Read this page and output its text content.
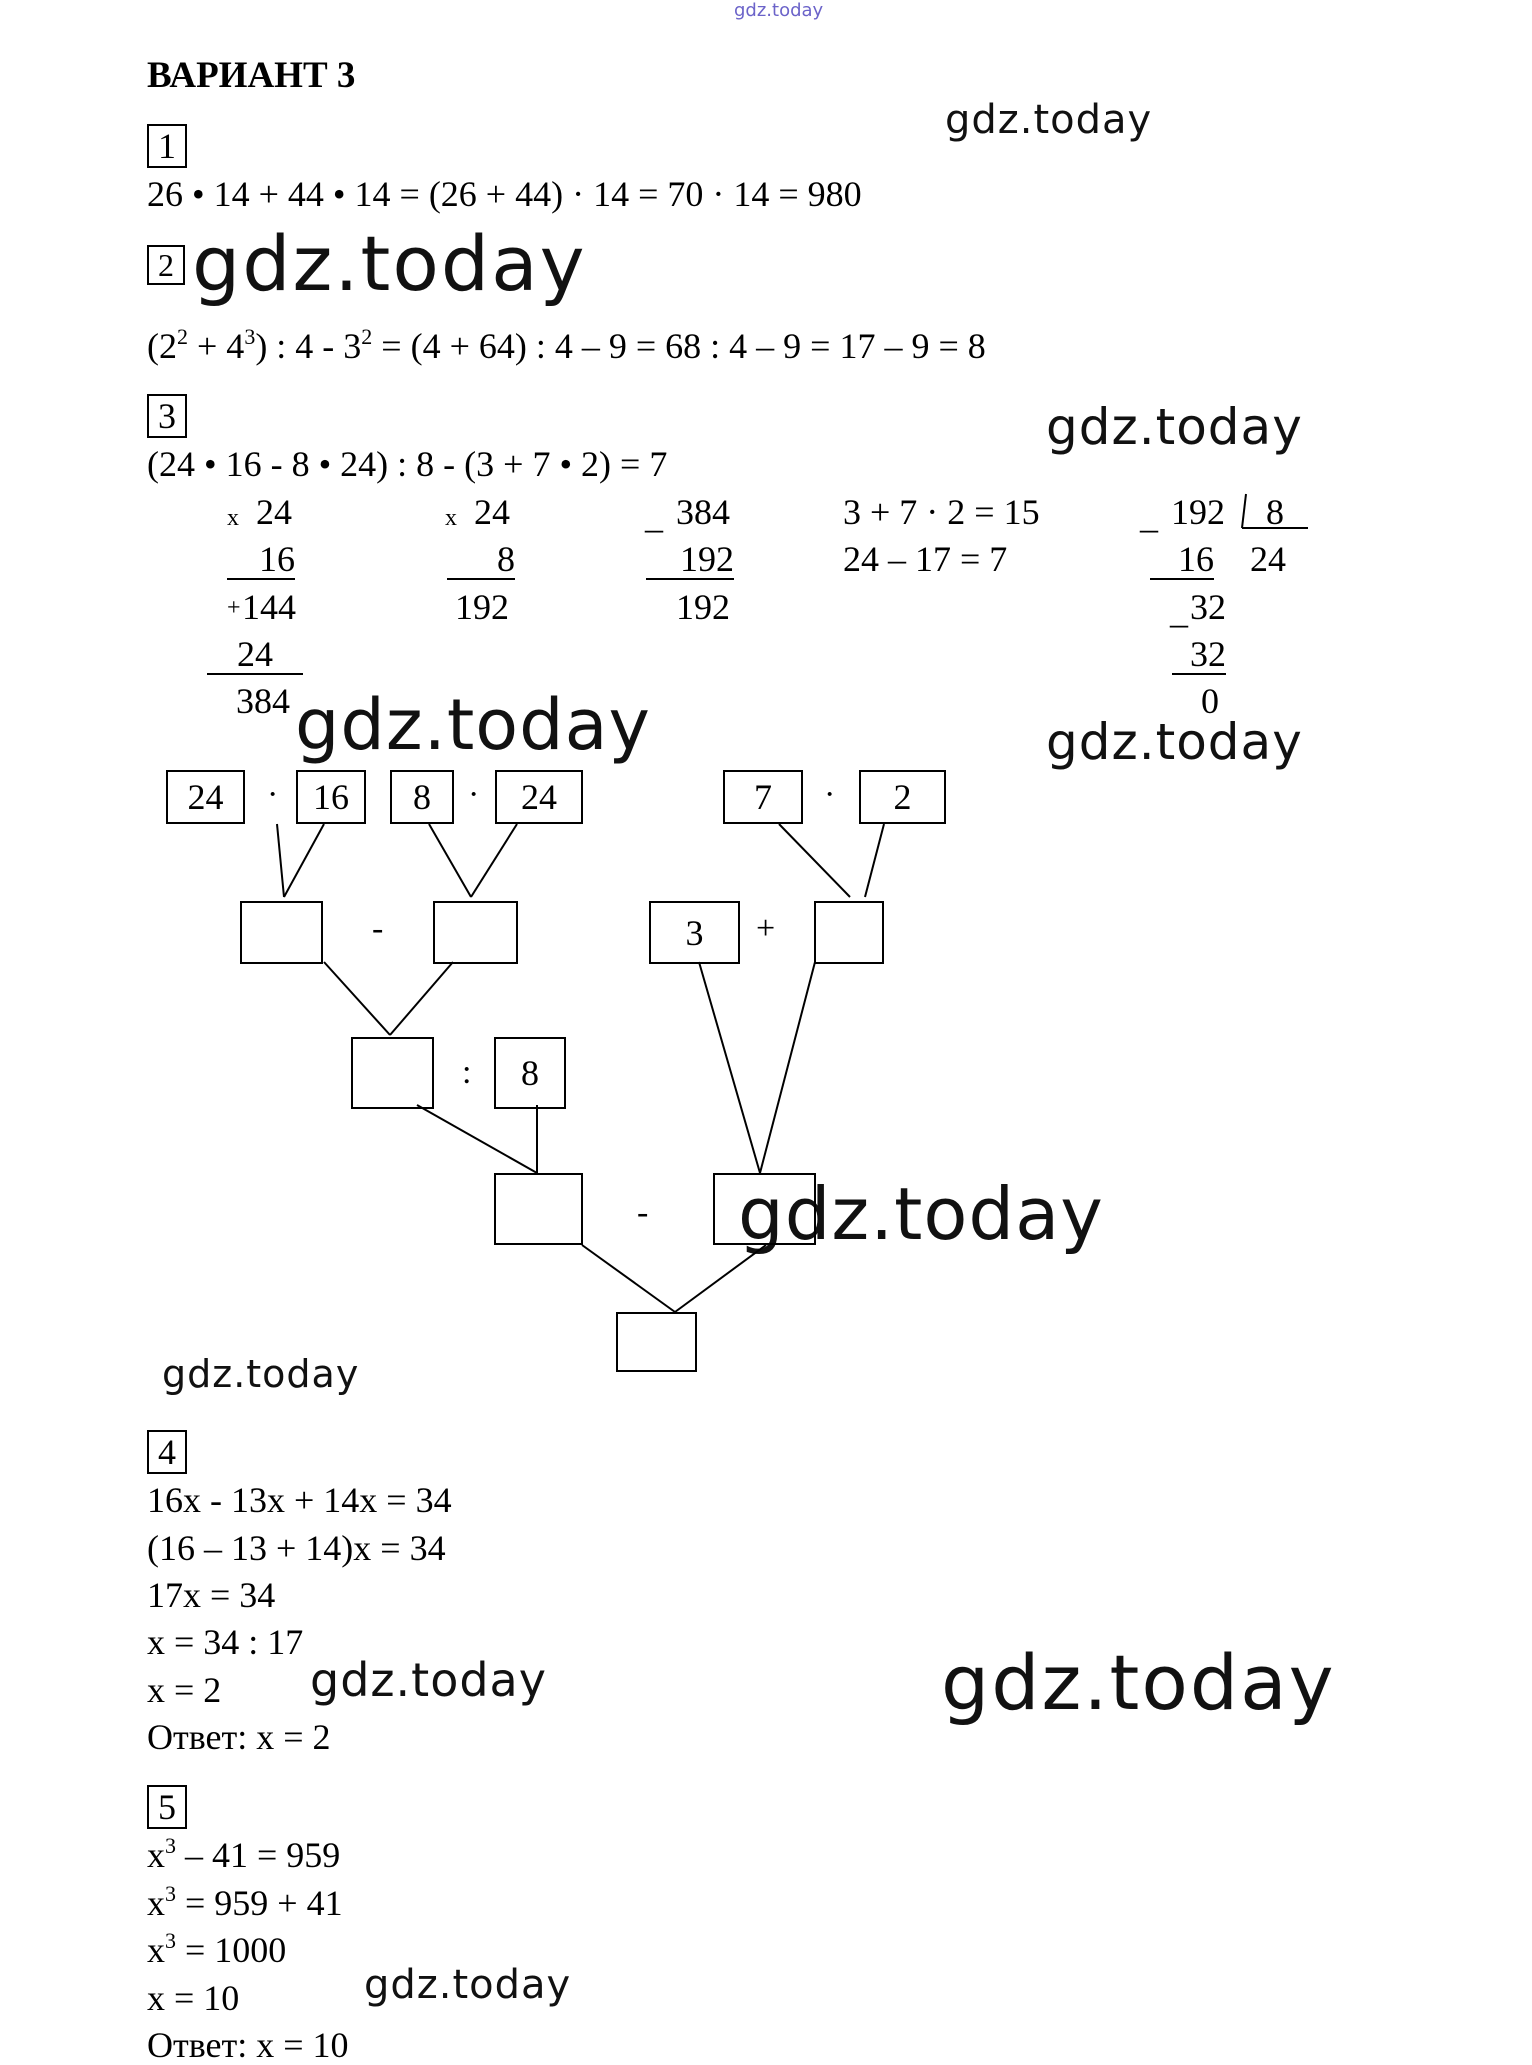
gdz.today
ВАРИАНТ 3
gdz.today
gdz.today
gdz.today
gdz.today	gdz.today
gdz.today
gdz.today
gdz.today	gdz.today
gdz.today
1
26 • 14 + 44 • 14 = (26 + 44) · 14 = 70 · 14 = 980
2
$(2^2 + 4^3)$ : $4 - 3^2 = (4 + 64)$ : 4 – 9 = 68 : 4 – 9 = 17 – 9 = 8
3
(24 • 16 - 8 • 24) : 8 - (3 + 7 • 2) = 7
x 24
16
+ 144
24
384
x 24
8
192
_ 384
192
192
3 + 7 · 2 = 15
24 – 17 = 7
_ 192 8
16 24
_ 32
32
0
24	· 16	8	·	24	7	·	2
-	3	+
:	8
-
4
16x - 13x + 14x = 34
(16 – 13 + 14)x = 34
17x = 34
x = 34 : 17
x = 2
Ответ: x = 2
5
$x^3 - 41 = 959$
$x^3 = 959 + 41$
$x^3 = 1000$
x = 10
Ответ: x = 10
